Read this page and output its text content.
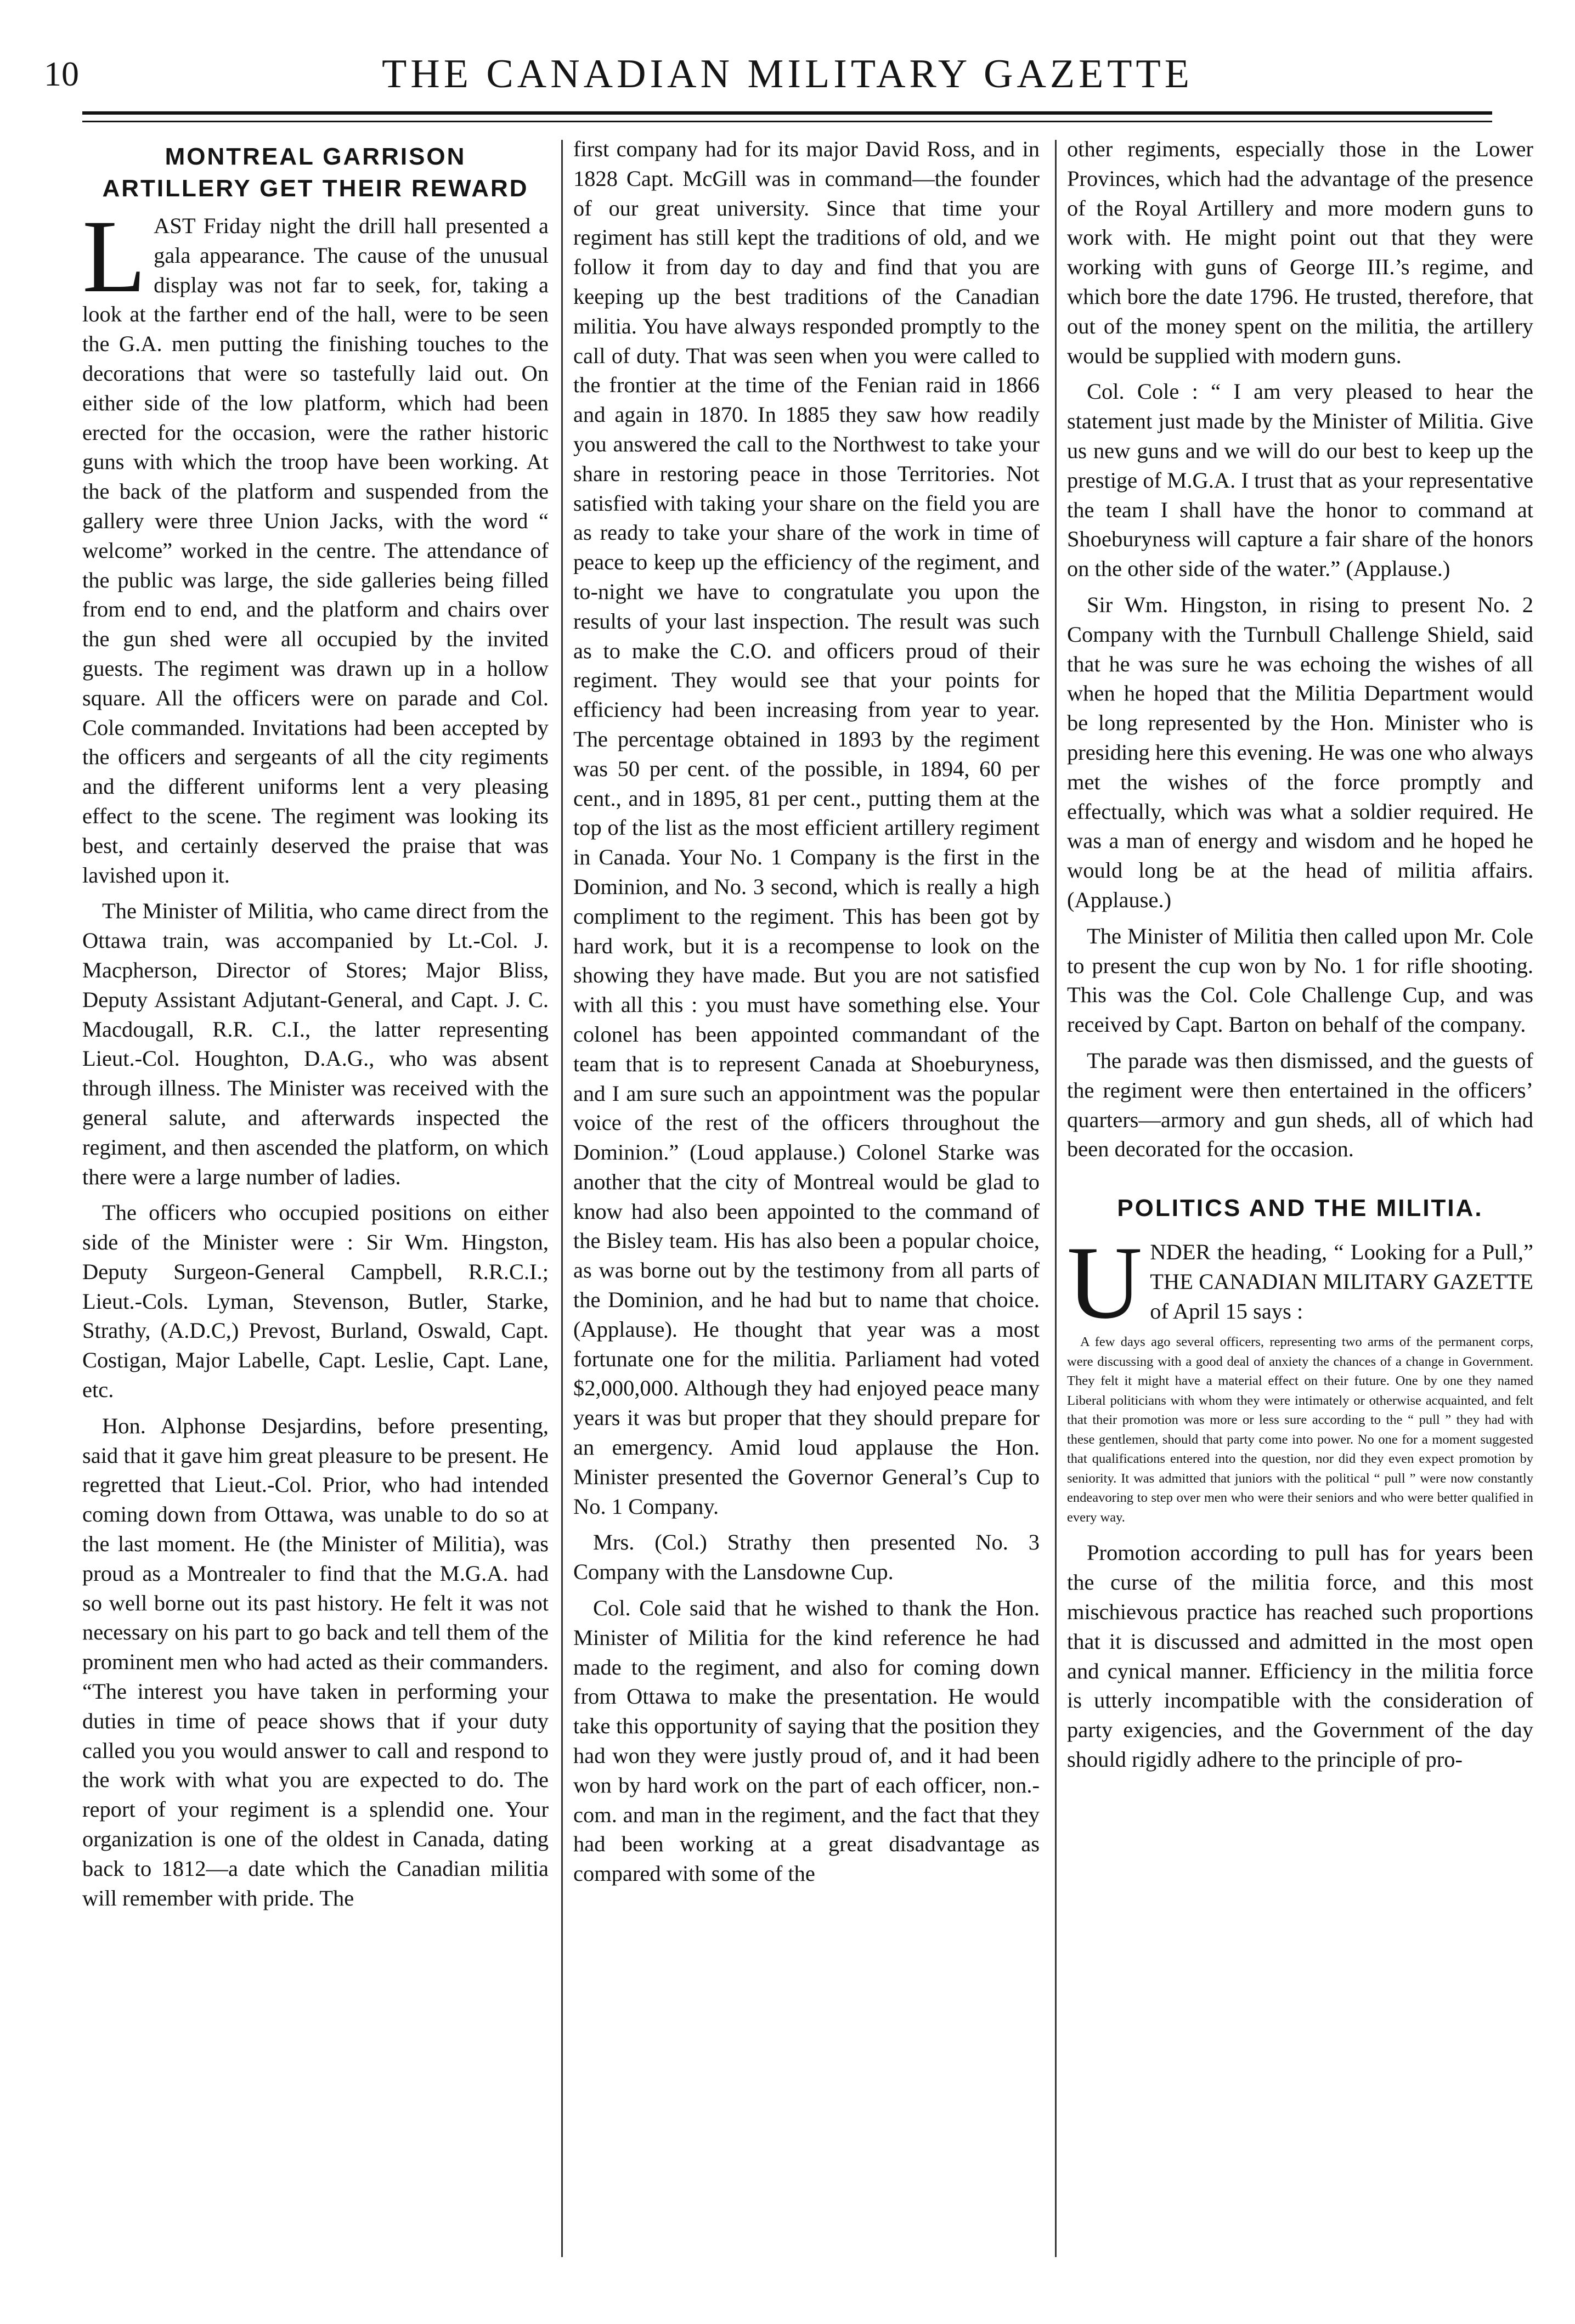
10	THE CANADIAN MILITARY GAZETTE
MONTREAL GARRISON
ARTILLERY GET THEIR REWARD

LAST Friday night the drill hall presented a gala appearance. The cause of the unusual display was not far to seek, for, taking a look at the farther end of the hall, were to be seen the G.A. men putting the finishing touches to the decorations that were so tastefully laid out. On either side of the low platform, which had been erected for the occasion, were the rather historic guns with which the troop have been working. At the back of the platform and suspended from the gallery were three Union Jacks, with the word “ welcome” worked in the centre. The attendance of the public was large, the side galleries being filled from end to end, and the platform and chairs over the gun shed were all occupied by the invited guests. The regiment was drawn up in a hollow square. All the officers were on parade and Col. Cole commanded. Invitations had been accepted by the officers and sergeants of all the city regiments and the different uniforms lent a very pleasing effect to the scene. The regiment was looking its best, and certainly deserved the praise that was lavished upon it.

The Minister of Militia, who came direct from the Ottawa train, was accompanied by Lt.-Col. J. Macpherson, Director of Stores; Major Bliss, Deputy Assistant Adjutant-General, and Capt. J. C. Macdougall, R.R. C.I., the latter representing Lieut.-Col. Houghton, D.A.G., who was absent through illness. The Minister was received with the general salute, and afterwards inspected the regiment, and then ascended the platform, on which there were a large number of ladies.

The officers who occupied positions on either side of the Minister were : Sir Wm. Hingston, Deputy Surgeon-General Campbell, R.R.C.I.; Lieut.-Cols. Lyman, Stevenson, Butler, Starke, Strathy, (A.D.C,) Prevost, Burland, Oswald, Capt. Costigan, Major Labelle, Capt. Leslie, Capt. Lane, etc.

Hon. Alphonse Desjardins, before presenting, said that it gave him great pleasure to be present. He regretted that Lieut.-Col. Prior, who had intended coming down from Ottawa, was unable to do so at the last moment. He (the Minister of Militia), was proud as a Montrealer to find that the M.G.A. had so well borne out its past history. He felt it was not necessary on his part to go back and tell them of the prominent men who had acted as their commanders. “The interest you have taken in performing your duties in time of peace shows that if your duty called you you would answer to call and respond to the work with what you are expected to do. The report of your regiment is a splendid one. Your organization is one of the oldest in Canada, dating back to 1812—a date which the Canadian militia will remember with pride. The

first company had for its major David Ross, and in 1828 Capt. McGill was in command—the founder of our great university. Since that time your regiment has still kept the traditions of old, and we follow it from day to day and find that you are keeping up the best traditions of the Canadian militia. You have always responded promptly to the call of duty. That was seen when you were called to the frontier at the time of the Fenian raid in 1866 and again in 1870. In 1885 they saw how readily you answered the call to the Northwest to take your share in restoring peace in those Territories. Not satisfied with taking your share on the field you are as ready to take your share of the work in time of peace to keep up the efficiency of the regiment, and to-night we have to congratulate you upon the results of your last inspection. The result was such as to make the C.O. and officers proud of their regiment. They would see that your points for efficiency had been increasing from year to year. The percentage obtained in 1893 by the regiment was 50 per cent. of the possible, in 1894, 60 per cent., and in 1895, 81 per cent., putting them at the top of the list as the most efficient artillery regiment in Canada. Your No. 1 Company is the first in the Dominion, and No. 3 second, which is really a high compliment to the regiment. This has been got by hard work, but it is a recompense to look on the showing they have made. But you are not satisfied with all this : you must have something else. Your colonel has been appointed commandant of the team that is to represent Canada at Shoeburyness, and I am sure such an appointment was the popular voice of the rest of the officers throughout the Dominion.” (Loud applause.) Colonel Starke was another that the city of Montreal would be glad to know had also been appointed to the command of the Bisley team. His has also been a popular choice, as was borne out by the testimony from all parts of the Dominion, and he had but to name that choice. (Applause). He thought that year was a most fortunate one for the militia. Parliament had voted $2,000,000. Although they had enjoyed peace many years it was but proper that they should prepare for an emergency. Amid loud applause the Hon. Minister presented the Governor General’s Cup to No. 1 Company.

Mrs. (Col.) Strathy then presented No. 3 Company with the Lansdowne Cup.

Col. Cole said that he wished to thank the Hon. Minister of Militia for the kind reference he had made to the regiment, and also for coming down from Ottawa to make the presentation. He would take this opportunity of saying that the position they had won they were justly proud of, and it had been won by hard work on the part of each officer, non.-com. and man in the regiment, and the fact that they had been working at a great disadvantage as compared with some of the

other regiments, especially those in the Lower Provinces, which had the advantage of the presence of the Royal Artillery and more modern guns to work with. He might point out that they were working with guns of George III.’s regime, and which bore the date 1796. He trusted, therefore, that out of the money spent on the militia, the artillery would be supplied with modern guns.

Col. Cole : “ I am very pleased to hear the statement just made by the Minister of Militia. Give us new guns and we will do our best to keep up the prestige of M.G.A. I trust that as your representative the team I shall have the honor to command at Shoeburyness will capture a fair share of the honors on the other side of the water.” (Applause.)

Sir Wm. Hingston, in rising to present No. 2 Company with the Turnbull Challenge Shield, said that he was sure he was echoing the wishes of all when he hoped that the Militia Department would be long represented by the Hon. Minister who is presiding here this evening. He was one who always met the wishes of the force promptly and effectually, which was what a soldier required. He was a man of energy and wisdom and he hoped he would long be at the head of militia affairs. (Applause.)

The Minister of Militia then called upon Mr. Cole to present the cup won by No. 1 for rifle shooting. This was the Col. Cole Challenge Cup, and was received by Capt. Barton on behalf of the company.

The parade was then dismissed, and the guests of the regiment were then entertained in the officers’ quarters—armory and gun sheds, all of which had been decorated for the occasion.

POLITICS AND THE MILITIA.

UNDER the heading, “ Looking for a Pull,” THE CANADIAN MILITARY GAZETTE of April 15 says :

A few days ago several officers, representing two arms of the permanent corps, were discussing with a good deal of anxiety the chances of a change in Government. They felt it might have a material effect on their future. One by one they named Liberal politicians with whom they were intimately or otherwise acquainted, and felt that their promotion was more or less sure according to the “ pull ” they had with these gentlemen, should that party come into power. No one for a moment suggested that qualifications entered into the question, nor did they even expect promotion by seniority. It was admitted that juniors with the political “ pull ” were now constantly endeavoring to step over men who were their seniors and who were better qualified in every way.

Promotion according to pull has for years been the curse of the militia force, and this most mischievous practice has reached such proportions that it is discussed and admitted in the most open and cynical manner. Efficiency in the militia force is utterly incompatible with the consideration of party exigencies, and the Government of the day should rigidly adhere to the principle of pro-
